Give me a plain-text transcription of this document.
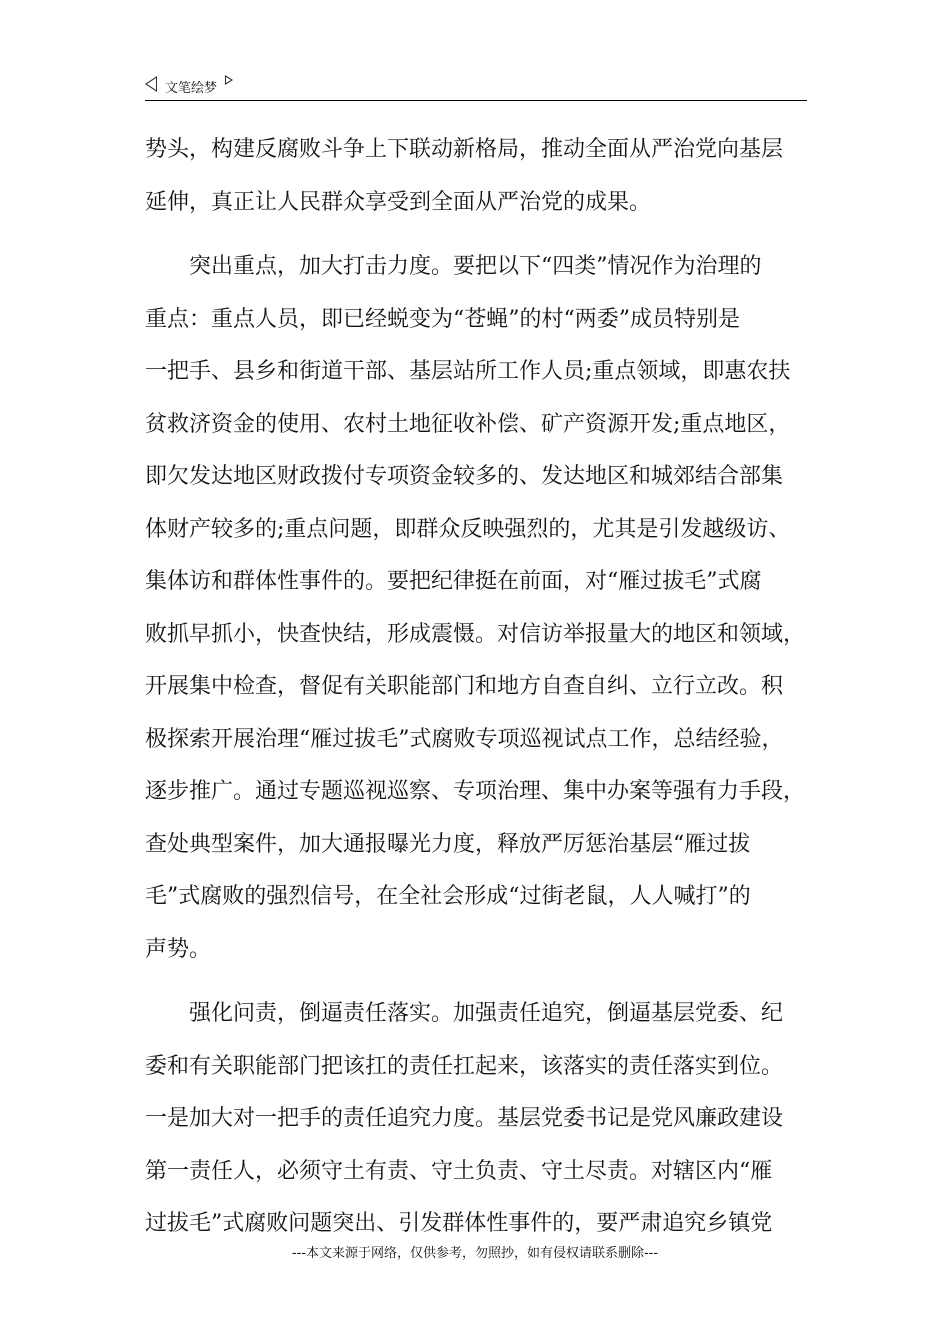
文笔绘梦
势头，构建反腐败斗争上下联动新格局，推动全面从严治党向基层
延伸，真正让人民群众享受到全面从严治党的成果。
突出重点，加大打击力度。要把以下“四类”情况作为治理的
重点：重点人员，即已经蜕变为“苍蝇”的村“两委”成员特别是
一把手、县乡和街道干部、基层站所工作人员;重点领域，即惠农扶
贫救济资金的使用、农村土地征收补偿、矿产资源开发;重点地区，
即欠发达地区财政拨付专项资金较多的、发达地区和城郊结合部集
体财产较多的;重点问题，即群众反映强烈的，尤其是引发越级访、
集体访和群体性事件的。要把纪律挺在前面，对“雁过拔毛”式腐
败抓早抓小，快查快结，形成震慑。对信访举报量大的地区和领域，
开展集中检查，督促有关职能部门和地方自查自纠、立行立改。积
极探索开展治理“雁过拔毛”式腐败专项巡视试点工作，总结经验，
逐步推广。通过专题巡视巡察、专项治理、集中办案等强有力手段，
查处典型案件，加大通报曝光力度，释放严厉惩治基层“雁过拔
毛”式腐败的强烈信号，在全社会形成“过街老鼠，人人喊打”的
声势。
强化问责，倒逼责任落实。加强责任追究，倒逼基层党委、纪
委和有关职能部门把该扛的责任扛起来，该落实的责任落实到位。
一是加大对一把手的责任追究力度。基层党委书记是党风廉政建设
第一责任人，必须守土有责、守土负责、守土尽责。对辖区内“雁
过拔毛”式腐败问题突出、引发群体性事件的，要严肃追究乡镇党
---本文来源于网络，仅供参考，勿照抄，如有侵权请联系删除---
